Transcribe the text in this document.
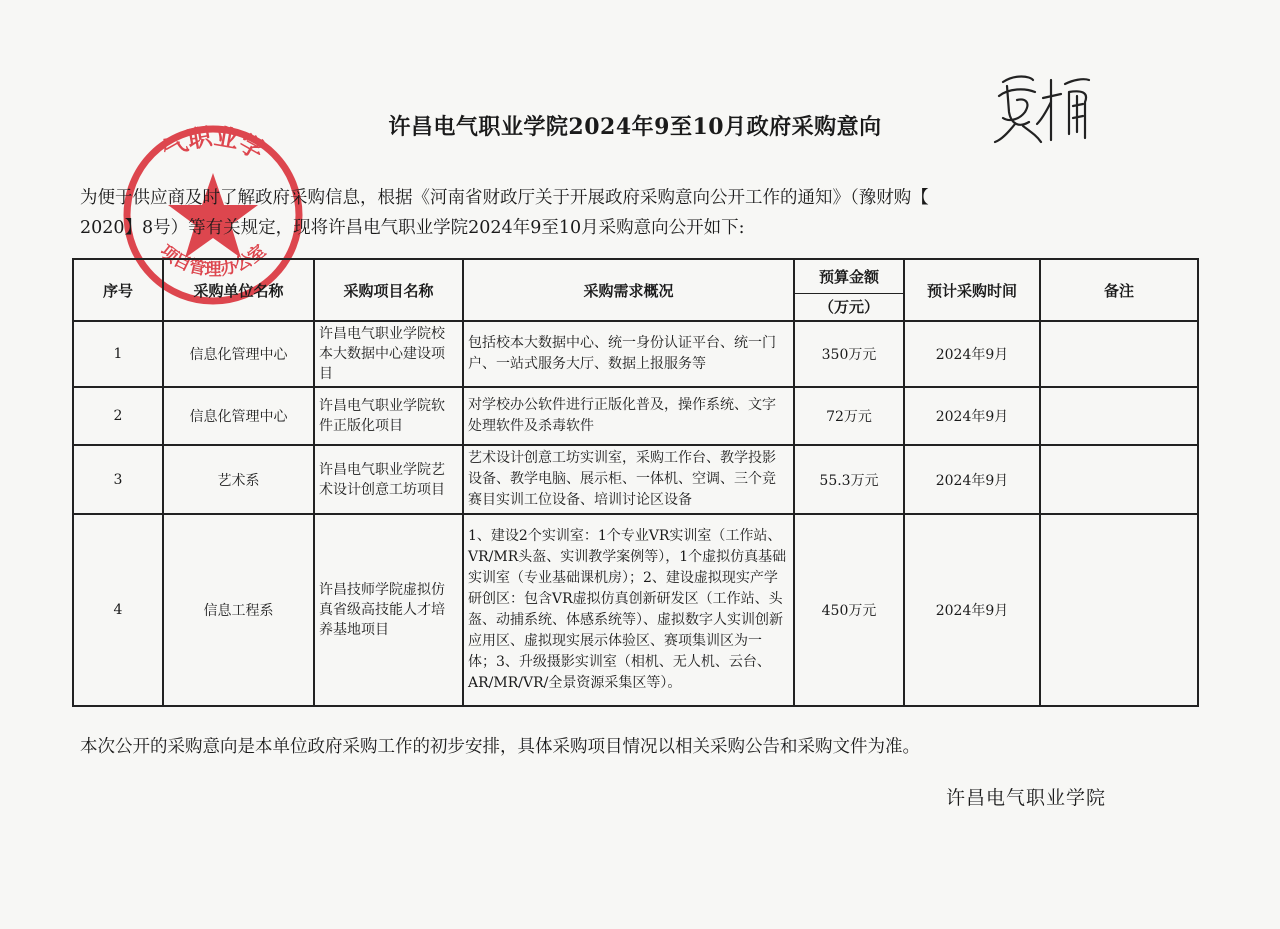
许昌电气职业学院2024年9至10月政府采购意向
气职业学
项目管理办公室
为便于供应商及时了解政府采购信息，根据《河南省财政厅关于开展政府采购意向公开工作的通知》（豫财购【
2020】8号）等有关规定，现将许昌电气职业学院2024年9至10月采购意向公开如下:
序号	采购单位名称	采购项目名称	采购需求概况	预算金额	预计采购时间	备注
				（万元）		
1	信息化管理中心	许昌电气职业学院校本大数据中心建设项目	包括校本大数据中心、统一身份认证平台、统一门户、一站式服务大厅、数据上报服务等	350万元	2024年9月	
2	信息化管理中心	许昌电气职业学院软件正版化项目	对学校办公软件进行正版化普及，操作系统、文字处理软件及杀毒软件	72万元	2024年9月	
3	艺术系	许昌电气职业学院艺术设计创意工坊项目	艺术设计创意工坊实训室，采购工作台、教学投影设备、教学电脑、展示柜、一体机、空调、三个竞赛目实训工位设备、培训讨论区设备	55.3万元	2024年9月	
4	信息工程系	许昌技师学院虚拟仿真省级高技能人才培养基地项目	1、建设2个实训室：1个专业VR实训室（工作站、VR/MR头盔、实训教学案例等），1个虚拟仿真基础实训室（专业基础课机房）；2、建设虚拟现实产学研创区：包含VR虚拟仿真创新研发区（工作站、头盔、动捕系统、体感系统等）、虚拟数字人实训创新应用区、虚拟现实展示体验区、赛项集训区为一体；3、升级摄影实训室（相机、无人机、云台、AR/MR/VR/全景资源采集区等）。	450万元	2024年9月	
本次公开的采购意向是本单位政府采购工作的初步安排，具体采购项目情况以相关采购公告和采购文件为准。
许昌电气职业学院
